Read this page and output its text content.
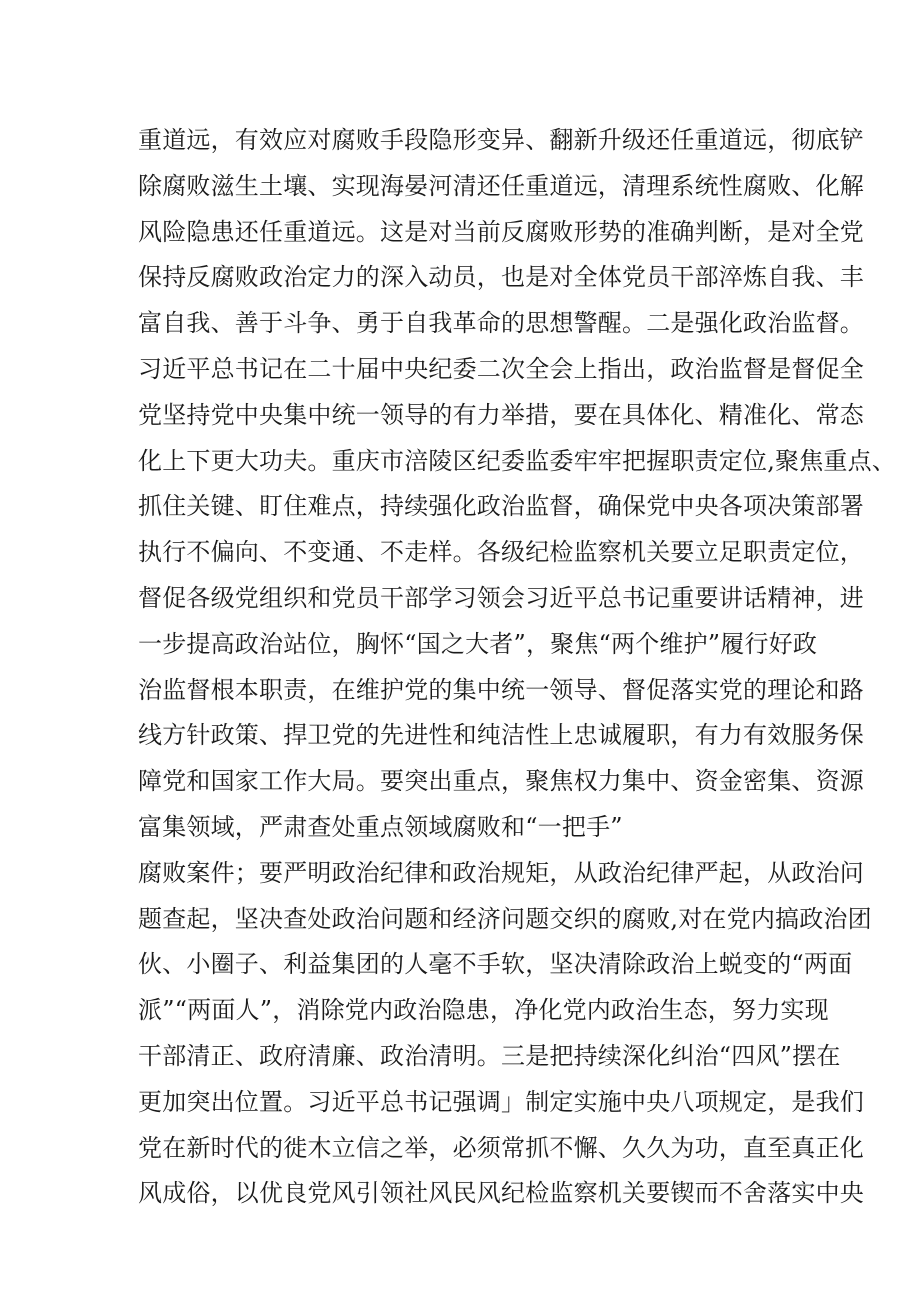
重道远，有效应对腐败手段隐形变异、翻新升级还任重道远，彻底铲
除腐败滋生土壤、实现海晏河清还任重道远，清理系统性腐败、化解
风险隐患还任重道远。这是对当前反腐败形势的准确判断，是对全党
保持反腐败政治定力的深入动员，也是对全体党员干部淬炼自我、丰
富自我、善于斗争、勇于自我革命的思想警醒。二是强化政治监督。
习近平总书记在二十届中央纪委二次全会上指出，政治监督是督促全
党坚持党中央集中统一领导的有力举措，要在具体化、精准化、常态
化上下更大功夫。重庆市涪陵区纪委监委牢牢把握职责定位,聚焦重点、
抓住关键、盯住难点，持续强化政治监督，确保党中央各项决策部署
执行不偏向、不变通、不走样。各级纪检监察机关要立足职责定位，
督促各级党组织和党员干部学习领会习近平总书记重要讲话精神，进
一步提高政治站位，胸怀“国之大者”，聚焦“两个维护”履行好政
治监督根本职责，在维护党的集中统一领导、督促落实党的理论和路
线方针政策、捍卫党的先进性和纯洁性上忠诚履职，有力有效服务保
障党和国家工作大局。要突出重点，聚焦权力集中、资金密集、资源
富集领域，严肃查处重点领域腐败和“一把手”
腐败案件；要严明政治纪律和政治规矩，从政治纪律严起，从政治问
题查起，坚决查处政治问题和经济问题交织的腐败,对在党内搞政治团
伙、小圈子、利益集团的人毫不手软，坚决清除政治上蜕变的“两面
派”“两面人”，消除党内政治隐患，净化党内政治生态，努力实现
干部清正、政府清廉、政治清明。三是把持续深化纠治“四风”摆在
更加突出位置。习近平总书记强调」制定实施中央八项规定，是我们
党在新时代的徙木立信之举，必须常抓不懈、久久为功，直至真正化
风成俗，以优良党风引领社风民风纪检监察机关要锲而不舍落实中央
